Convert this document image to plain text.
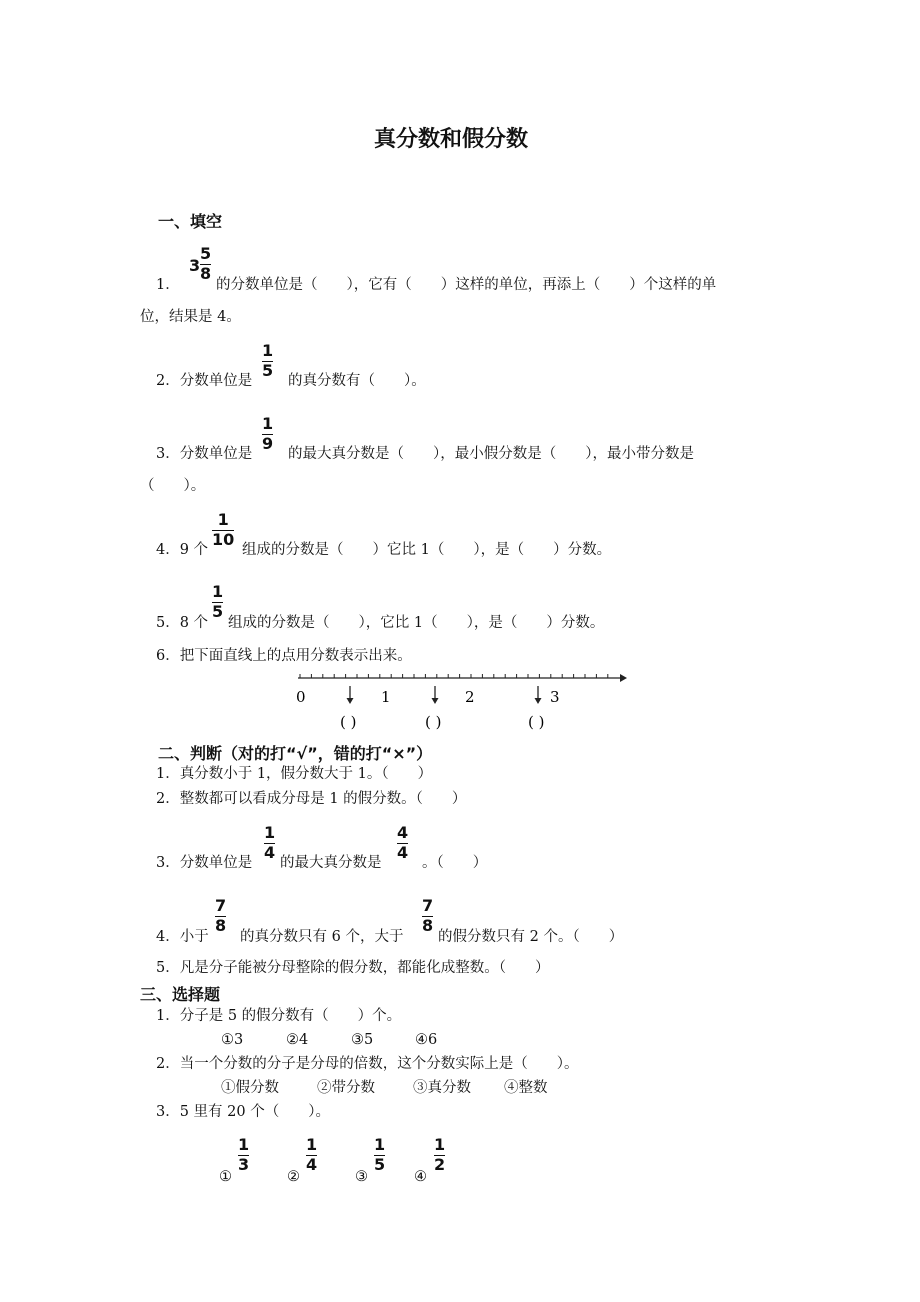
真分数和假分数
一、填空
1．
3
5
8
的分数单位是（　　），它有（　　）这样的单位，再添上（　　）个这样的单
位，结果是 4。
2．分数单位是
1
5
的真分数有（　　）。
3．分数单位是
1
9
的最大真分数是（　　），最小假分数是（　　），最小带分数是
（　　）。
4．9 个
1
10
组成的分数是（　　）它比 1（　　），是（　　）分数。
5．8 个
1
5
组成的分数是（　　），它比 1（　　），是（　　）分数。
6．把下面直线上的点用分数表示出来。
0	1	2	3
( )	( )	( )
二、判断（对的打“√”，错的打“×”）
1．真分数小于 1，假分数大于 1。（　　）
2．整数都可以看成分母是 1 的假分数。（　　）
3．分数单位是
1
4
的最大真分数是
4
4
。（　　）
4．小于
7
8
的真分数只有 6 个，大于
7
8
的假分数只有 2 个。（　　）
5．凡是分子能被分母整除的假分数，都能化成整数。（　　）
三、选择题
1．分子是 5 的假分数有（　　）个。
①3	②4	③5	④6
2．当一个分数的分子是分母的倍数，这个分数实际上是（　　）。
①假分数	②带分数	③真分数 ④整数
3．5 里有 20 个（　　）。
①
1
3
②
1
4
③
1
5
④
1
2
